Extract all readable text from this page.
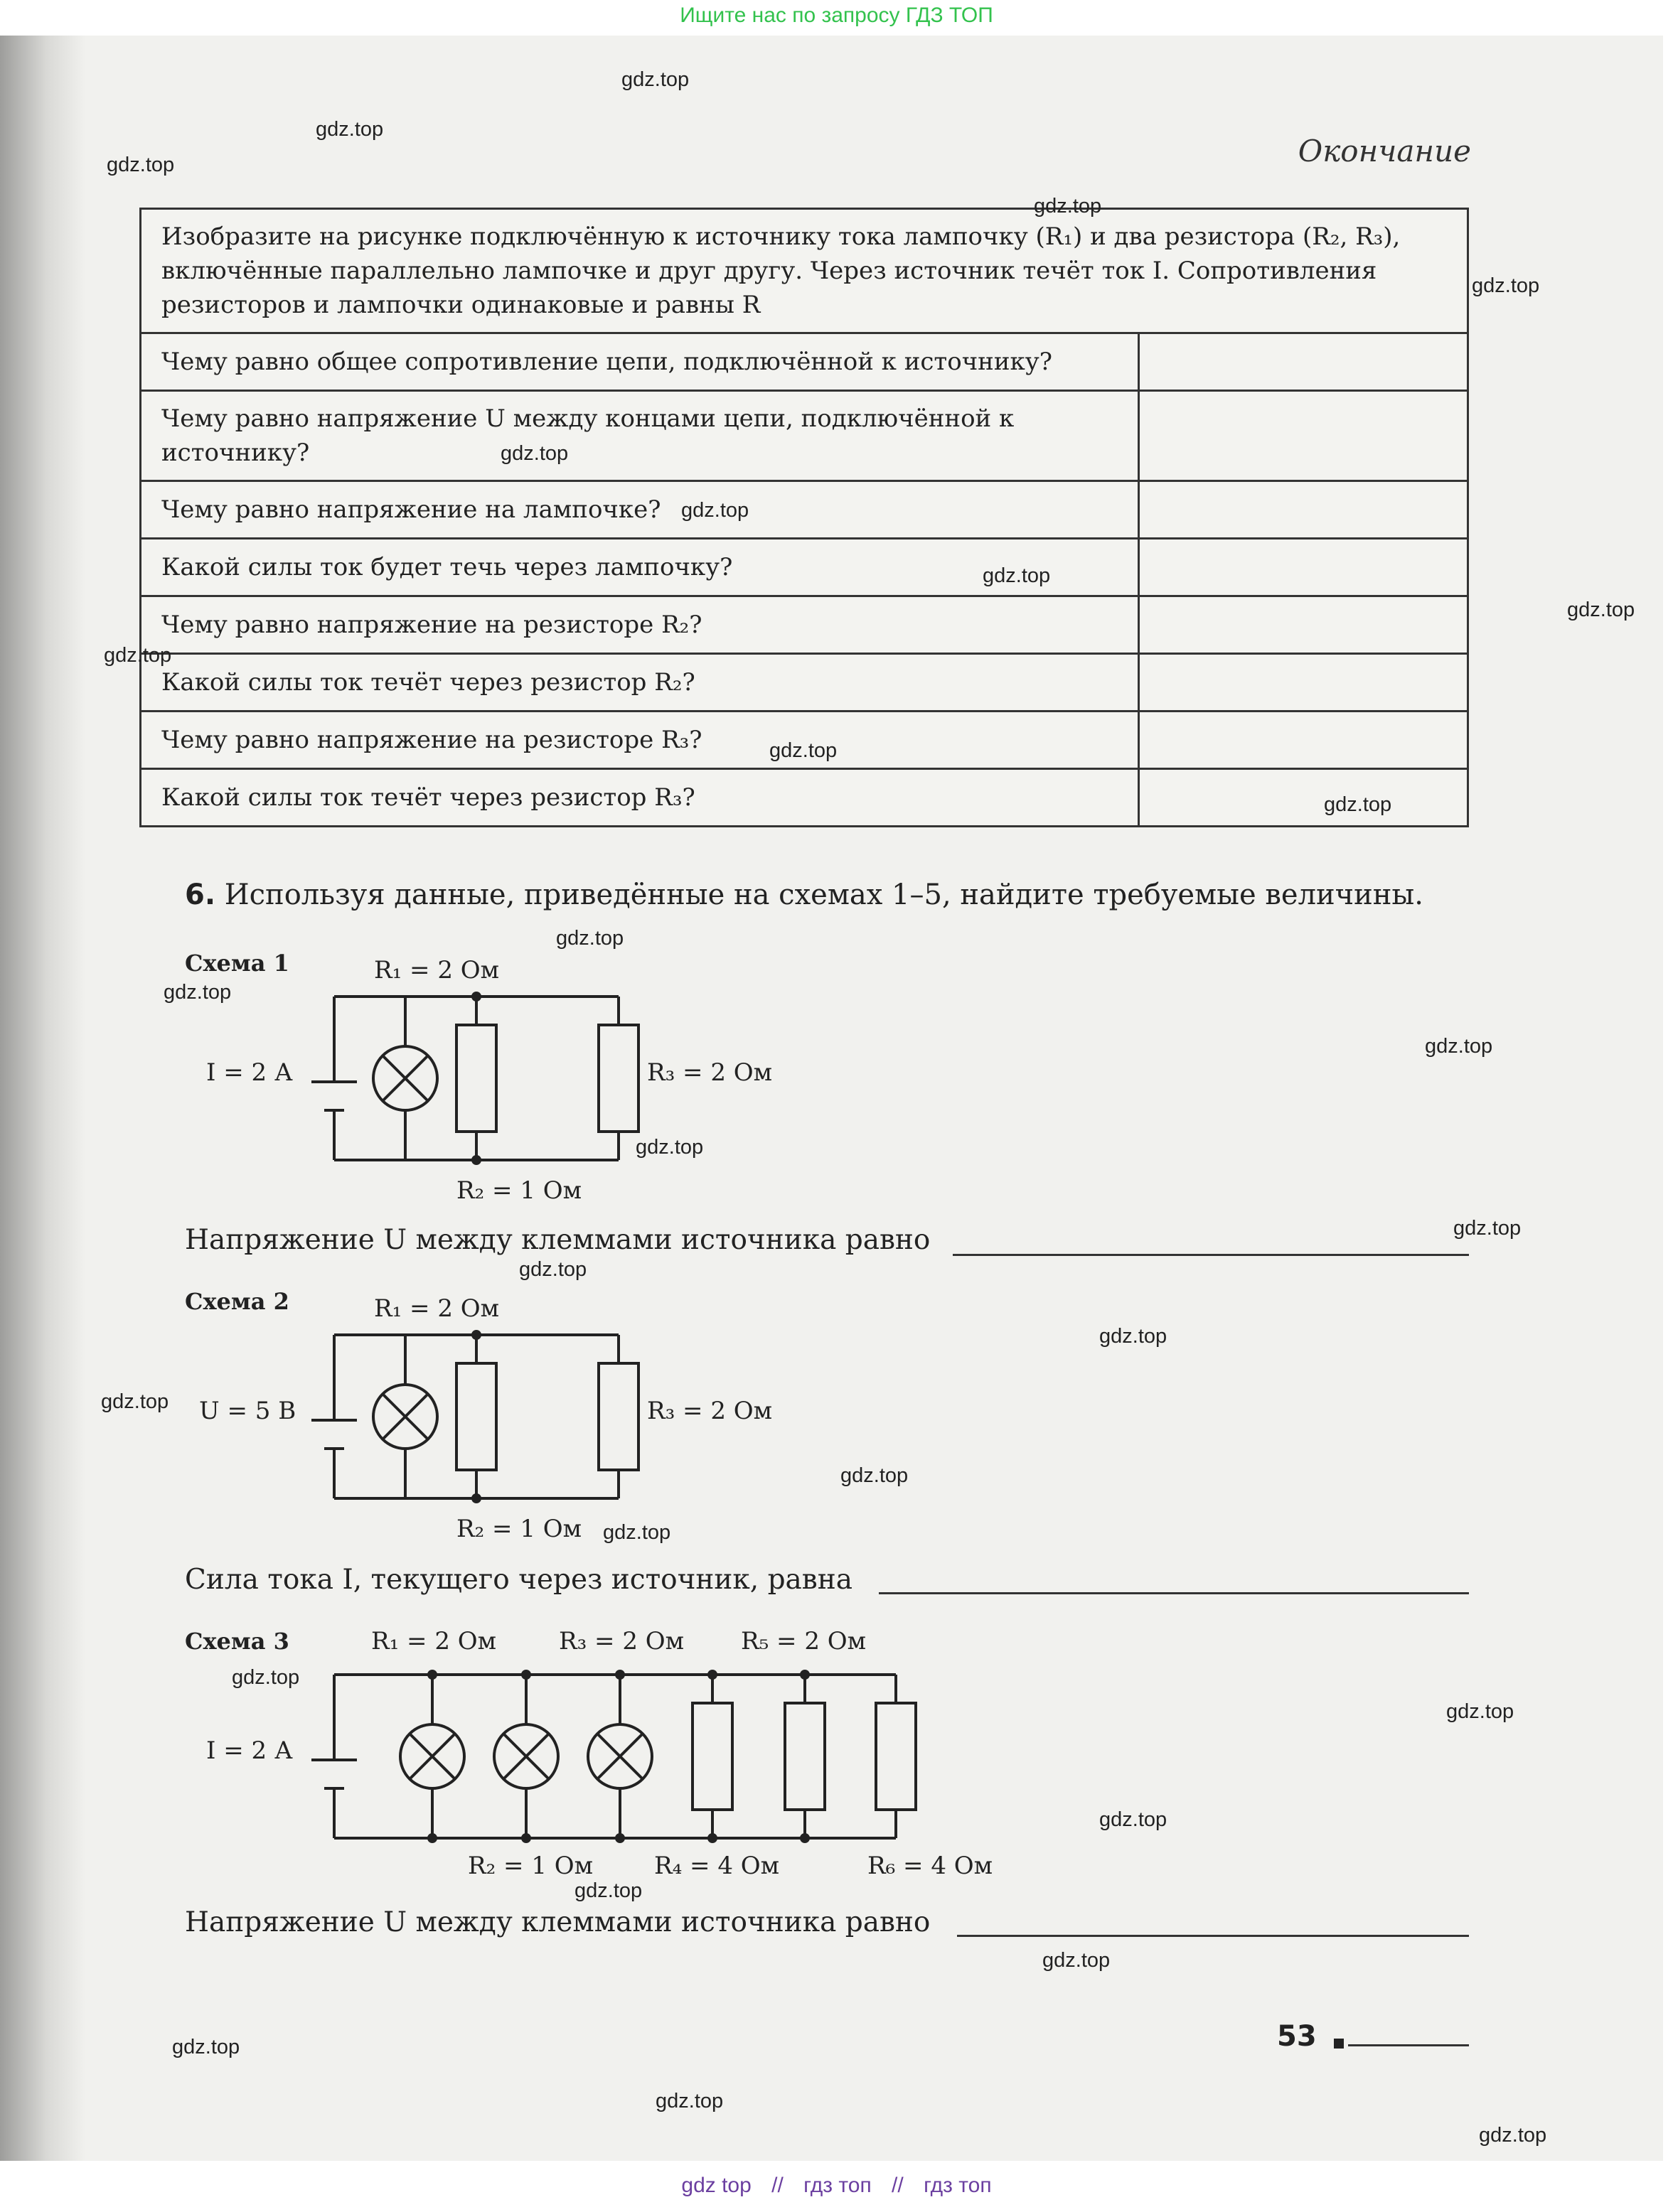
Ищите нас по запросу ГДЗ ТОП
Окончание
Изобразите на рисунке подключённую к источнику тока лампочку (R₁) и два резистора (R₂, R₃), включённые параллельно лампочке и друг другу. Через источник течёт ток I. Сопротивления резисторов и лампочки одинаковые и равны R	
Чему равно общее сопротивление цепи, подключённой к источнику?	
Чему равно напряжение U между концами цепи, подключённой к источнику?	
Чему равно напряжение на лампочке?	
Какой силы ток будет течь через лампочку?	
Чему равно напряжение на резисторе R₂?	
Какой силы ток течёт через резистор R₂?	
Чему равно напряжение на резисторе R₃?	
Какой силы ток течёт через резистор R₃?	
6. Используя данные, приведённые на схемах 1–5, найдите требуемые величины.
Схема 1	R₁ = 2 Ом
I = 2 А	R₃ = 2 Ом
R₂ = 1 Ом
Напряжение U между клеммами источника равно
Схема 2	R₁ = 2 Ом
U = 5 В	R₃ = 2 Ом
R₂ = 1 Ом
Сила тока I, текущего через источник, равна
Схема 3	R₁ = 2 Ом	R₃ = 2 Ом R₅ = 2 Ом
I = 2 А
R₂ = 1 Ом	R₄ = 4 Ом	R₆ = 4 Ом
Напряжение U между клеммами источника равно
53
gdz.top
gdz.top
gdz.top
gdz.top
gdz.top
gdz.top
gdz.top
gdz.top
gdz.top
gdz.top
gdz.top
gdz.top
gdz.top
gdz.top
gdz.top
gdz.top
gdz.top
gdz.top
gdz.top
gdz.top
gdz.top
gdz.top
gdz.top
gdz.top
gdz.top
gdz.top
gdz.top
gdz.top
gdz.top
gdz.top
gdz top // гдз топ // гдз топ
